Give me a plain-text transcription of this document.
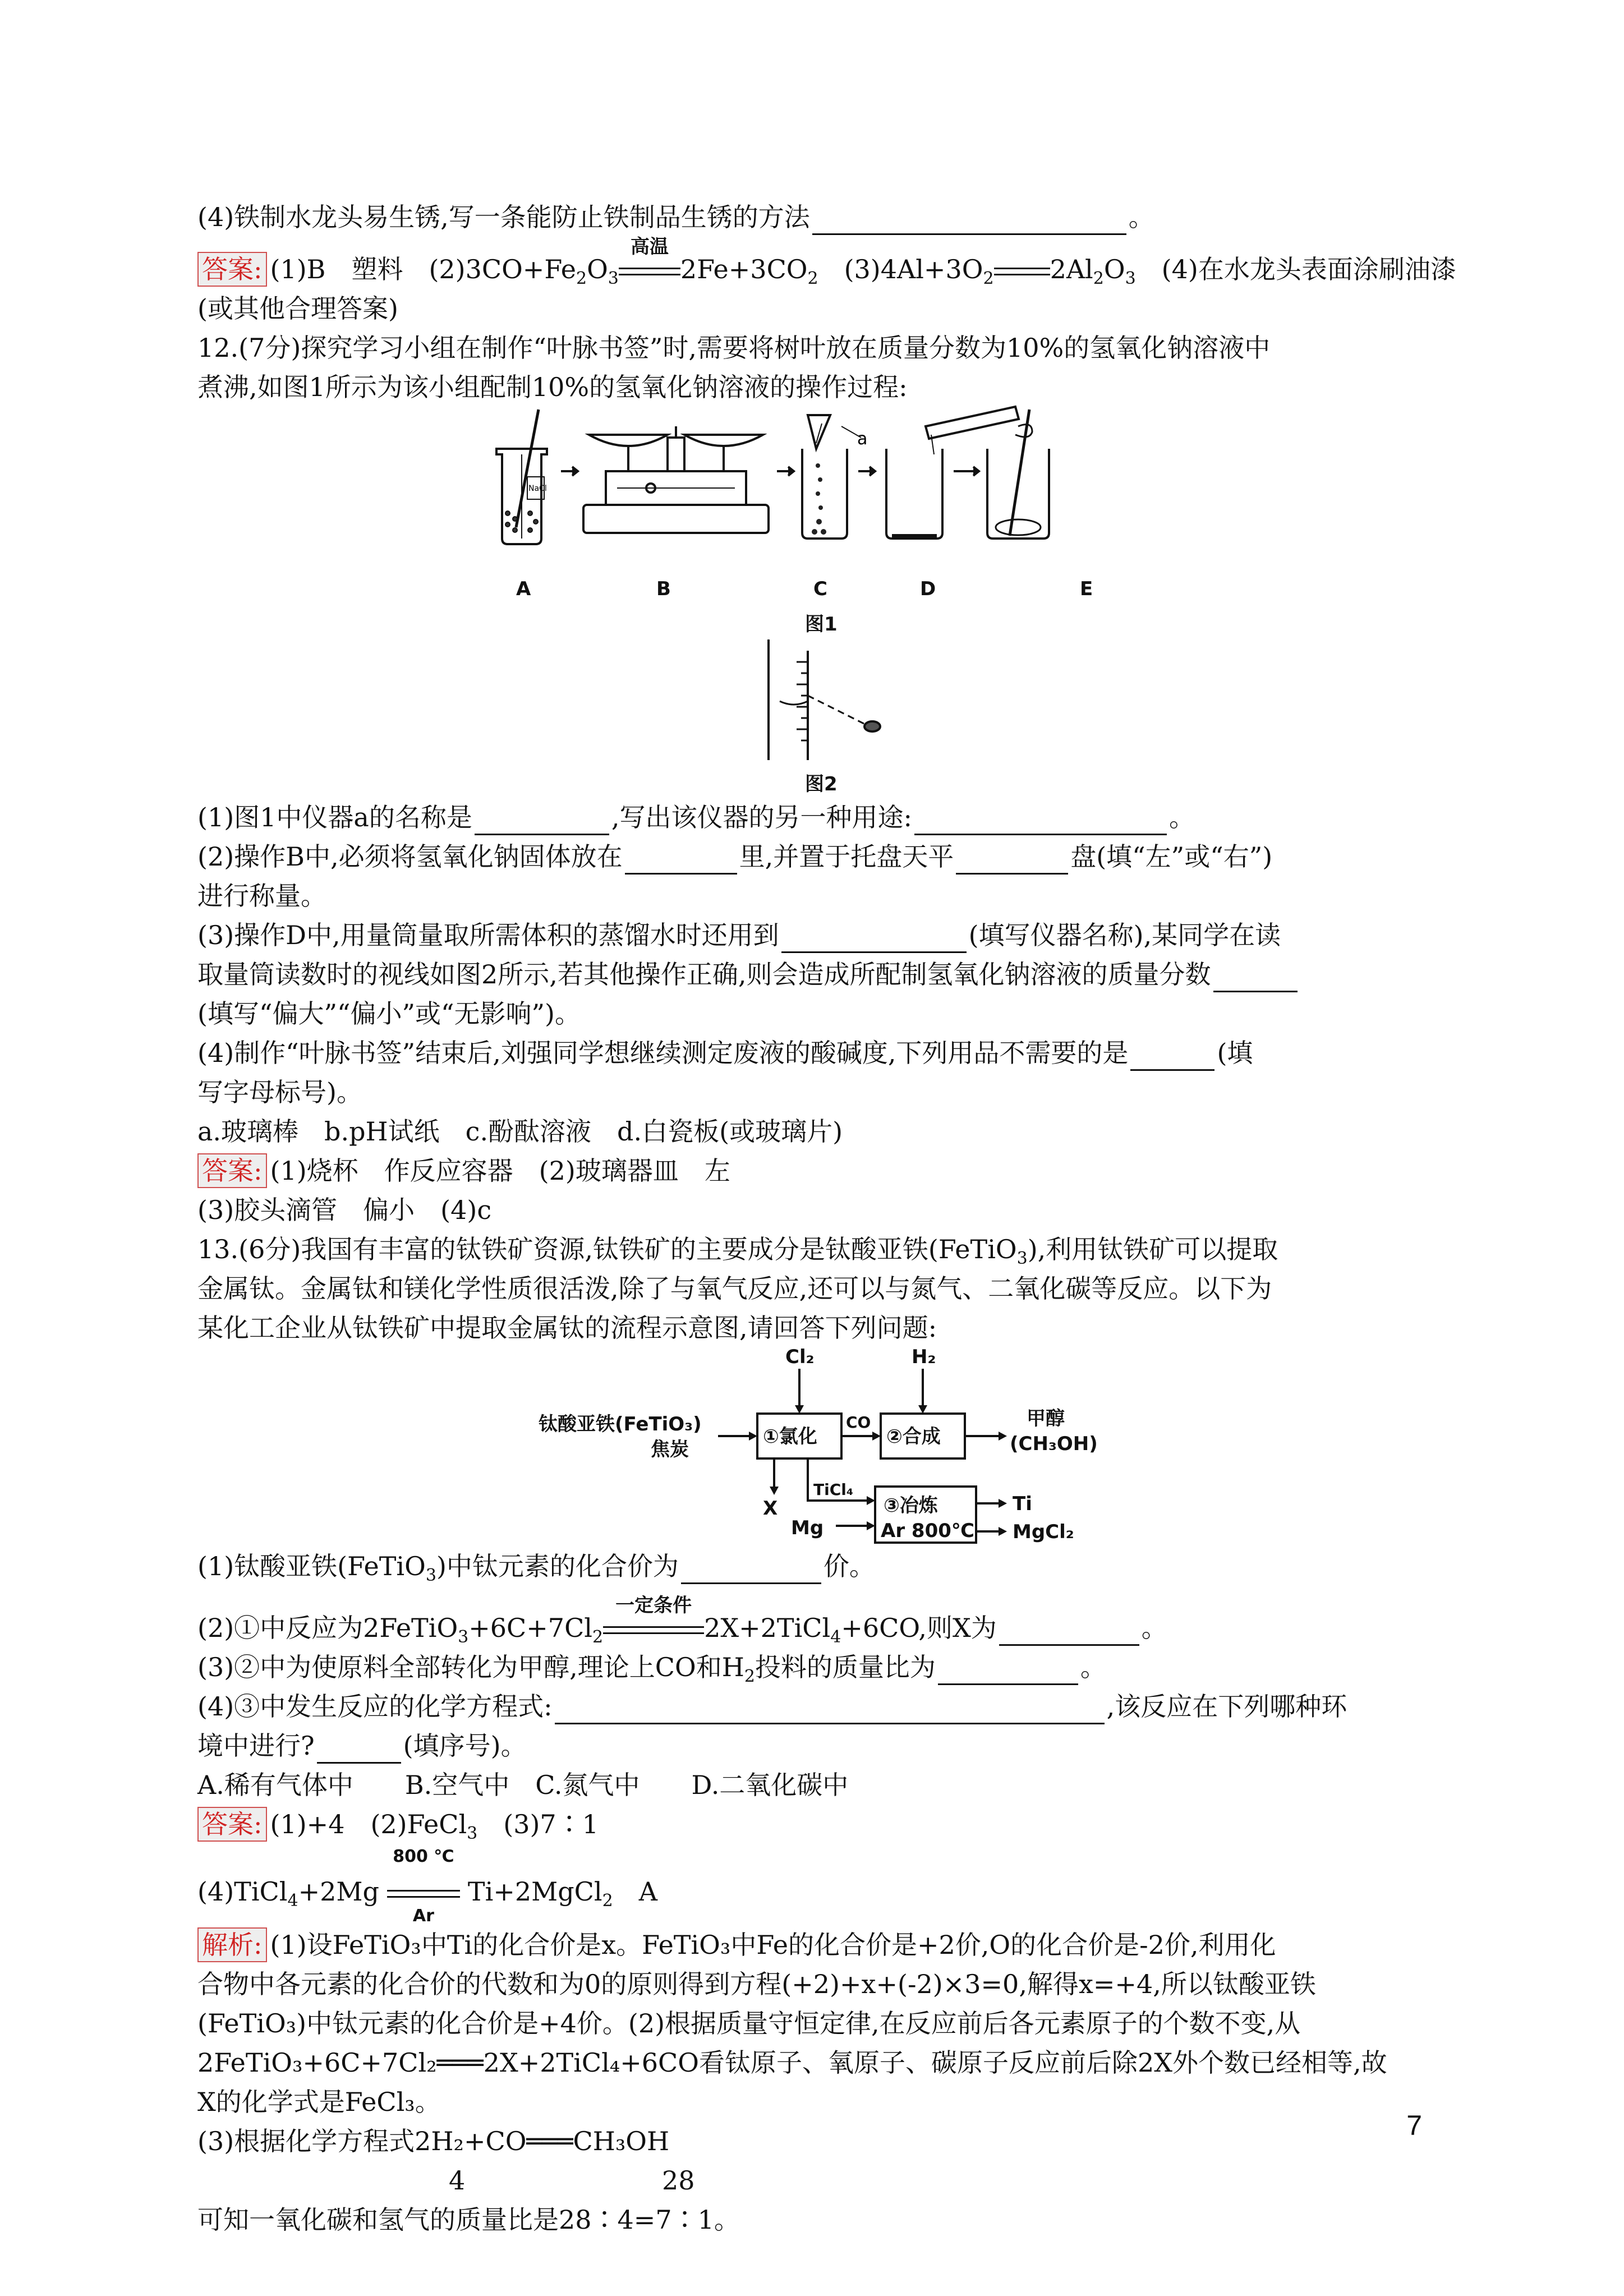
(4)铁制水龙头易生锈,写一条能防止铁制品生锈的方法	。
答案: (1)B　塑料　$(2)3CO+Fe_2O_3$
高温
$2Fe+3CO_2$　$(3)4Al+3O_2$ $2Al_2O_3$　(4)在水龙头表面涂刷油漆
(或其他合理答案)
12.(7分)探究学习小组在制作“叶脉书签”时,需要将树叶放在质量分数为10%的氢氧化钠溶液中
煮沸,如图1所示为该小组配制10%的氢氧化钠溶液的操作过程:
a
NaCl
A	B	C	D	E
图1
图2
(1)图1中仪器a的名称是	,写出该仪器的另一种用途:	。
(2)操作B中,必须将氢氧化钠固体放在	里,并置于托盘天平	盘(填“左”或“右”)
进行称量。
(3)操作D中,用量筒量取所需体积的蒸馏水时还用到	(填写仪器名称),某同学在读
取量筒读数时的视线如图2所示,若其他操作正确,则会造成所配制氢氧化钠溶液的质量分数
(填写“偏大”“偏小”或“无影响”)。
(4)制作“叶脉书签”结束后,刘强同学想继续测定废液的酸碱度,下列用品不需要的是	(填
写字母标号)。
a.玻璃棒　b.pH试纸　c.酚酞溶液　d.白瓷板(或玻璃片)
答案: (1)烧杯　作反应容器　(2)玻璃器皿　左
(3)胶头滴管　偏小　(4)c
13.(6分)我国有丰富的钛铁矿资源,钛铁矿的主要成分是钛酸亚铁(FeTiO$_3$),利用钛铁矿可以提取
金属钛。金属钛和镁化学性质很活泼,除了与氧气反应,还可以与氮气、二氧化碳等反应。以下为
某化工企业从钛铁矿中提取金属钛的流程示意图,请回答下列问题:
Cl₂	H₂
钛酸亚铁(FeTiO₃)
焦炭
①氯化
CO
②合成
甲醇
(CH₃OH)
X
TiCl₄
Mg
③冶炼
Ar 800℃
Ti
MgCl₂
(1)钛酸亚铁(FeTiO$_3$)中钛元素的化合价为	价。
(2)①中反应为$2FeTiO_3+6C+7Cl_2$
一定条件
2X+2TiCl$_4$+6CO,则X为	。
(3)②中为使原料全部转化为甲醇,理论上CO和$H_2$投料的质量比为	。
(4)③中发生反应的化学方程式:	,该反应在下列哪种环
境中进行?	(填序号)。
A.稀有气体中　　B.空气中　C.氮气中　　D.二氧化碳中
答案: (1)+4　(2)FeCl$_3$　(3)7∶1
(4)TiCl$_4$+2Mg
800 ℃
Ar
Ti+2MgCl$_2$　A
解析: (1)设FeTiO₃中Ti的化合价是x。FeTiO₃中Fe的化合价是+2价,O的化合价是-2价,利用化
合物中各元素的化合价的代数和为0的原则得到方程(+2)+x+(-2)×3=0,解得x=+4,所以钛酸亚铁
(FeTiO₃)中钛元素的化合价是+4价。(2)根据质量守恒定律,在反应前后各元素原子的个数不变,从
2FeTiO₃+6C+7Cl₂═══2X+2TiCl₄+6CO看钛原子、氧原子、碳原子反应前后除2X外个数已经相等,故
X的化学式是FeCl₃。
(3)根据化学方程式2H₂+CO═══CH₃OH
4	28
可知一氧化碳和氢气的质量比是28∶4=7∶1。
7
